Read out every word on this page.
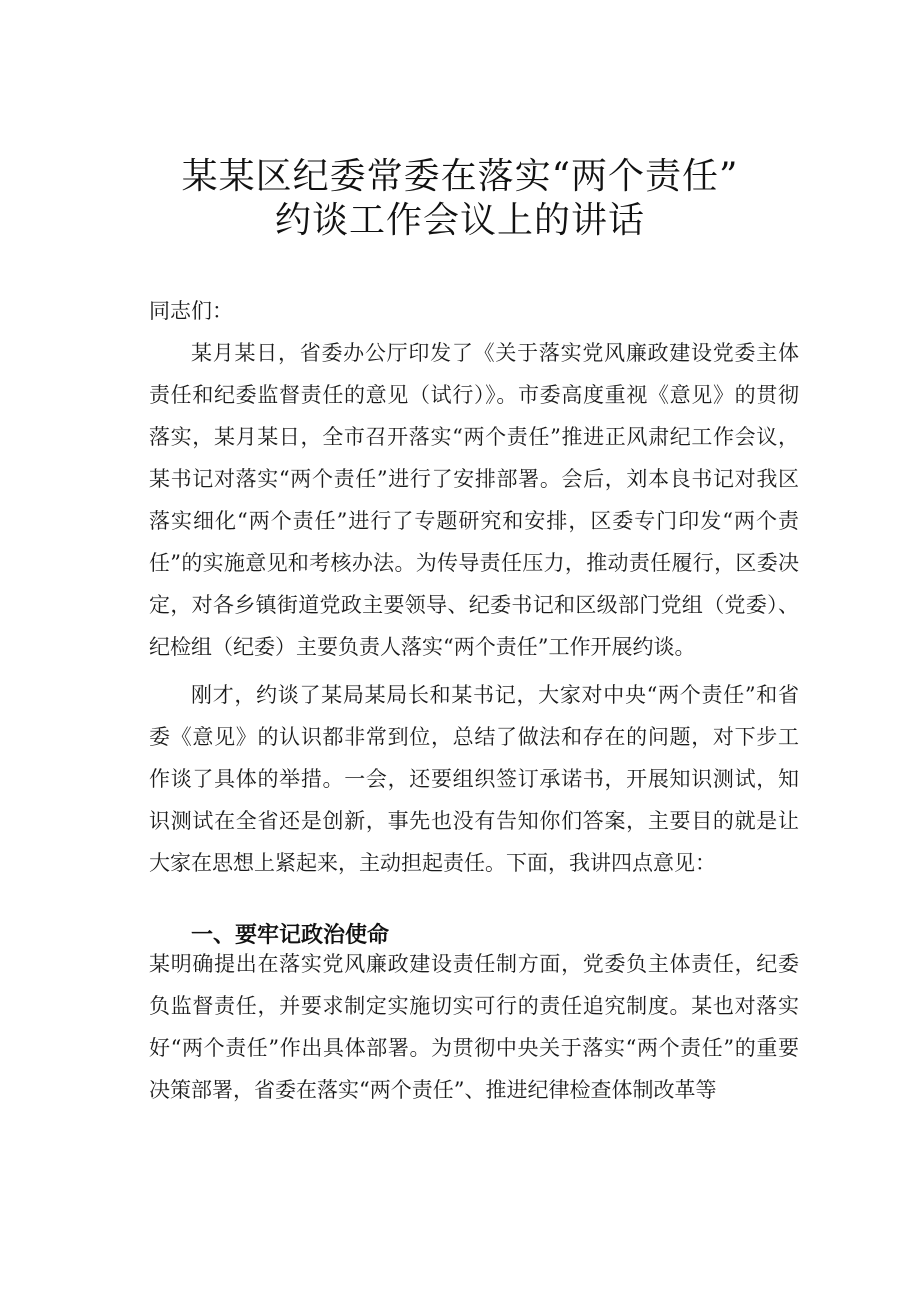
某某区纪委常委在落实“两个责任”
约谈工作会议上的讲话

同志们：

某月某日，省委办公厅印发了《关于落实党风廉政建设党委主体责任和纪委监督责任的意见（试行）》。市委高度重视《意见》的贯彻落实，某月某日，全市召开落实“两个责任”推进正风肃纪工作会议，某书记对落实“两个责任”进行了安排部署。会后，刘本良书记对我区落实细化“两个责任”进行了专题研究和安排，区委专门印发“两个责任”的实施意见和考核办法。为传导责任压力，推动责任履行，区委决定，对各乡镇街道党政主要领导、纪委书记和区级部门党组（党委）、纪检组（纪委）主要负责人落实“两个责任”工作开展约谈。

刚才，约谈了某局某局长和某书记，大家对中央“两个责任”和省委《意见》的认识都非常到位，总结了做法和存在的问题，对下步工作谈了具体的举措。一会，还要组织签订承诺书，开展知识测试，知识测试在全省还是创新，事先也没有告知你们答案，主要目的就是让大家在思想上紧起来，主动担起责任。下面，我讲四点意见：

一、要牢记政治使命

某明确提出在落实党风廉政建设责任制方面，党委负主体责任，纪委负监督责任，并要求制定实施切实可行的责任追究制度。某也对落实好“两个责任”作出具体部署。为贯彻中央关于落实“两个责任”的重要决策部署，省委在落实“两个责任”、推进纪律检查体制改革等
